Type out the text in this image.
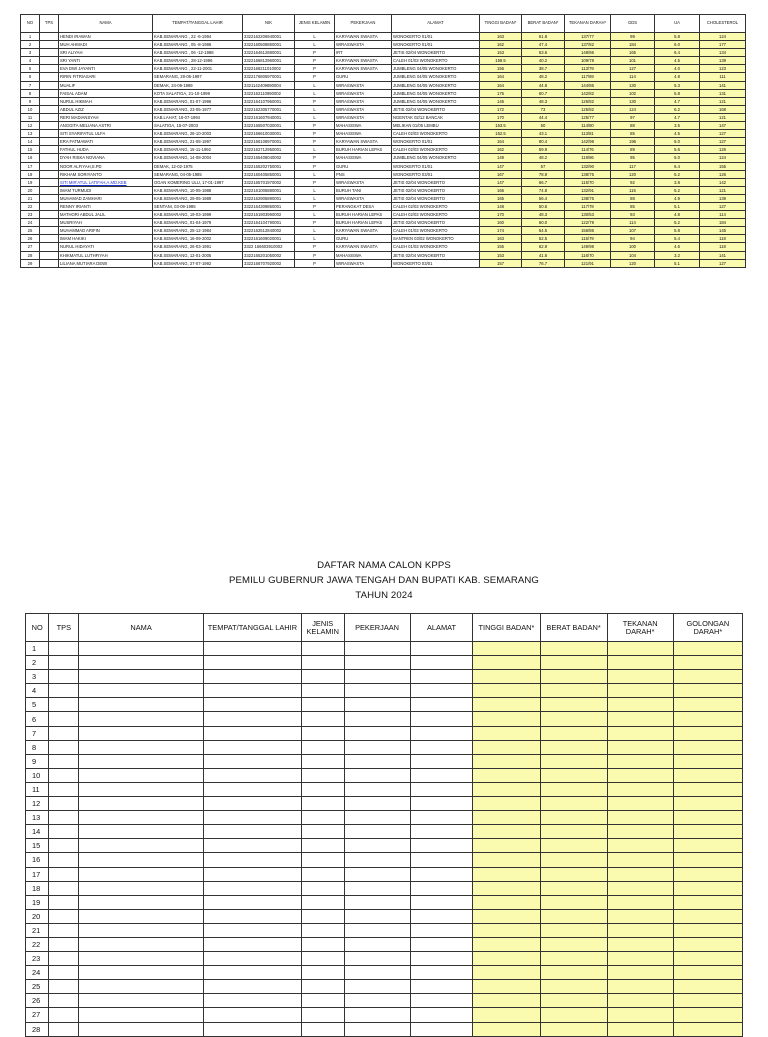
NO	TPS	NAMA	TEMPAT/TANGGAL LAHIR	NIK	JENIS KELAMIN	PEKERJAAN	ALAMAT	TINGGI BADAN*	BERAT BADAN*	TEKANAN DARAH*	GDS	UA	CHOLESTEROL
1		HENDI IRAWAN	KAB.SEMARANG , 22 -6-1994	3322162206940001	L	KARYAWAN SWASTA	WONOKERTO 01/01	163	61.8	137/77	99	5.8	124
2		MUH AHMADI	KAB.SEMARANG , 05 -8-1986	3322160508860001	L	WIRASWASTA	WONOKERTO 01/01	162	47.4	137/82	184	6.0	177
3		SRI ALIYAH	KAB.SEMARANG , 06 -12-1988	3322164612880001	P	IRT	JETIS 02/04 WONOKERTO	153	63.6	148/86	165	6.4	134
4		SRI YANTI	KAB.SEMARANG , 28-12-1996	3322166812960001	P	KARYAWAN SWASTA	CALEH 01/03 WONOKERTO	159.5	40.2	109/78	101	4.5	139
5		EVA DWI JAYANTI	KAB.SEMARANG , 22-11-2001	3322166211010002	P	KARYAWAN SWASTA	JUMBLENG 04/05 WONOKERTO	156	38.7	113/79	127	4.0	123
6		RIRIN FITRIASARI	SEMARANG, 28-05-1997	3322176805970001	P	GURU	JUMBLENG 04/05 WONOKERTO	164	48.2	117/69	114	4.8	111
7		MUALIF	DEMAK, 24-09-1989	3321142409890004	L	WIRASWASTA	JUMBLENG 04/05 WONOKERTO	164	44.8	144/86	130	5.3	141
8		FAISAL ADAM	KOTA SALATIGA, 21-10-1999	3322162110990002	L	WIRASWASTA	JUMBLENG 04/05 WONOKERTO	175	60.7	142/82	102	5.8	131
9		NURUL HIKMAH	KAB.SEMARANG, 01-07-1996	3322164107960001	P	WIRASWASTA	JUMBLENG 04/05 WONOKERTO	146	48.3	126/82	130	4.7	121
10		ABDUL AZIZ	KAB.SEMARANG, 23-05-1977	3322162305770001	L	WIRASWASTA	JETIS 02/04 WONOKERTO	172	73	125/82	124	6.2	168
11		RERI MADIANSYAH	KAB.LAHAT, 16-07-1994	3322161607940001	L	WIRASWASTA	NGENTAK 02/12 BANCAK	170	44.4	125/77	97	4.7	121
12		ANGGITA MELIANA ASTRI	SALATIGA, 15-07-2003	3322165507030001	P	MAHASISWA	MELIKAN 01/05 LEMBU	153.5	50	114/80	88	3.5	147
13		SITI SYARIFATUL ULFA	KAB.SEMARANG, 26-10-2003	3322166610030001	P	MAHASISWA	CALEH 02/03 WONOKERTO	152.5	43.1	113/81	85	4.5	127
14		ERA FATMAWATI	KAB.SEMARANG, 21-08-1997	3322166108970001	P	KARYAWAN SWASTA	WONOKERTO 01/01	164	80.4	142/98	196	5.0	127
15		FATHUL HUDA	KAB.SEMARANG, 15-11-1992	3322162712950001	L	BURUH HARIAN LEPAS	CALEH 02/03 WONOKERTO	162	59.9	114/76	89	5.6	126
16		DYAH RISKA NOVIANA	KAB.SEMARANG, 14-08-2004	3322165408040002	P	MAHASISWA	JUMBLENG 04/05 WONOKERTO	149	48.2	119/86	95	5.0	124
17		NOOR ALFIYAH,S.PD	DEMAK, 12-02-1975	3322165202750001	P	GURU	WONOKERTO 01/01	147	57	132/90	117	6.4	155
18		RIKHAM SORIYANTO	SEMARANG, 04-05-1985	3322160405850001	L	PNS	WONOKERTO 03/01	167	78.9	138/75	120	5.2	126
19		SITI MIR'ATUL LATIFAH,A.MD.KEB	OGAN KOMERING ULU, 17-01-1997	3322165701970002	P	WIRASWASTA	JETIS 02/04 WONOKERTO	147	66.7	115/70	92	3.8	142
20		IMAM TURMUDI	KAB.SEMARANG, 10-05-1988	3322161005880001	L	BURUH TANI	JETIS 02/04 WONOKERTO	166	74.8	132/91	115	5.2	121
21		MUHAMAD ZAMHARI	KAB.SEMARANG, 29-05-1989	3322162905890001	L	WIRASWASTA	JETIS 02/04 WONOKERTO	165	56.4	138/75	88	4.9	139
22		RENNY IRIANTI	SENTANI, 03-09-1985	3322164309850001	P	PERANGKAT DESA	CALEH 02/03 WONOKERTO	148	50.6	117/78	85	5.1	127
23		MATHORI ABDUL JALIL	KAB.SEMARANG, 19-03-1999	3322161903990002	L	BURUH HARIAN LEPAS	CALEH 02/03 WONOKERTO	170	48.3	130/53	93	4.8	114
24		MUSRIYAH	KAB.SEMARANG, 01-04-1979	3322164104790001	P	BURUH HARIAN LEPAS	JETIS 02/04 WONOKERTO	160	60.0	122/79	114	5.2	184
25		MUHAMMAD ARIFIN	KAB.SEMARANG, 25-12-1984	3322162512840002	L	KARYAWAN SWASTA	CALEH 01/03 WONOKERTO	174	54.5	156/86	107	5.8	145
26		IMAM HAKIKI	KAB.SEMARANG, 16-09-2002	3322161609020001	L	GURU	SANTREN 03/02 WONOKERTO	163	52.5	115/79	94	5.4	118
27		NURUL HIDAYATI	KAB.SEMARANG, 26-03-1991	3322 166603910002	P	KARYAWAN SWASTA	CALEH 01/03 WONOKERTO	155	62.9	149/98	100	4.6	118
28		KHIKMATUL LUTHFIYAH	KAB.SEMARANG, 12-01-2005	3322165201050002	P	MAHASISWA	JETIS 02/04 WONOKERTO	153	41.6	116/70	104	3.2	141
29		LILIANA MUTIARA DEWI	KAB.SEMARANG, 27-07-1992	3322166707920002	P	WIRASWASTA	WONOKERTO 03/01	157	76.7	121/91	120	5.1	127
DAFTAR NAMA CALON KPPS
PEMILU GUBERNUR JAWA TENGAH DAN BUPATI KAB. SEMARANG
TAHUN 2024
NO	TPS	NAMA	TEMPAT/TANGGAL LAHIR	JENIS KELAMIN	PEKERJAAN	ALAMAT	TINGGI BADAN*	BERAT BADAN*	TEKANAN DARAH*	GOLONGAN DARAH*
1										
2										
3										
4										
5										
6										
7										
8										
9										
10										
11										
12										
13										
14										
15										
16										
17										
18										
19										
20										
21										
22										
23										
24										
25										
26										
27										
28										
